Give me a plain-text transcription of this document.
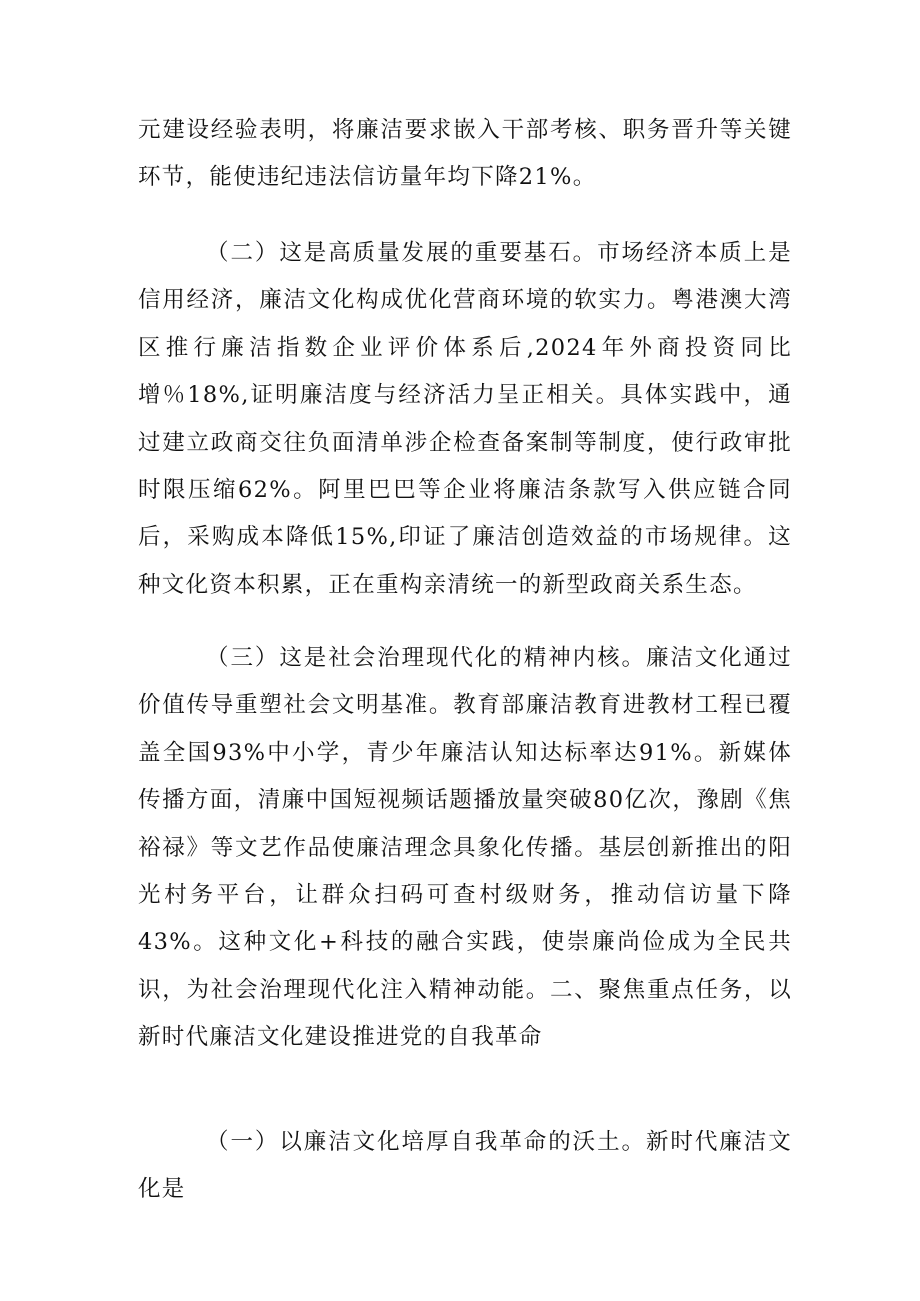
元建设经验表明，将廉洁要求嵌入干部考核、职务晋升等关键环节，能使违纪违法信访量年均下降21%。

（二）这是高质量发展的重要基石。市场经济本质上是信用经济，廉洁文化构成优化营商环境的软实力。粤港澳大湾区推行廉洁指数企业评价体系后,2024年外商投资同比增％18%,证明廉洁度与经济活力呈正相关。具体实践中，通过建立政商交往负面清单涉企检查备案制等制度，使行政审批时限压缩62%。阿里巴巴等企业将廉洁条款写入供应链合同后，采购成本降低15%,印证了廉洁创造效益的市场规律。这种文化资本积累，正在重构亲清统一的新型政商关系生态。

（三）这是社会治理现代化的精神内核。廉洁文化通过价值传导重塑社会文明基准。教育部廉洁教育进教材工程已覆盖全国93%中小学，青少年廉洁认知达标率达91%。新媒体传播方面，清廉中国短视频话题播放量突破80亿次，豫剧《焦裕禄》等文艺作品使廉洁理念具象化传播。基层创新推出的阳光村务平台，让群众扫码可查村级财务，推动信访量下降43%。这种文化+科技的融合实践，使崇廉尚俭成为全民共识，为社会治理现代化注入精神动能。二、聚焦重点任务，以新时代廉洁文化建设推进党的自我革命

（一）以廉洁文化培厚自我革命的沃土。新时代廉洁文化是
